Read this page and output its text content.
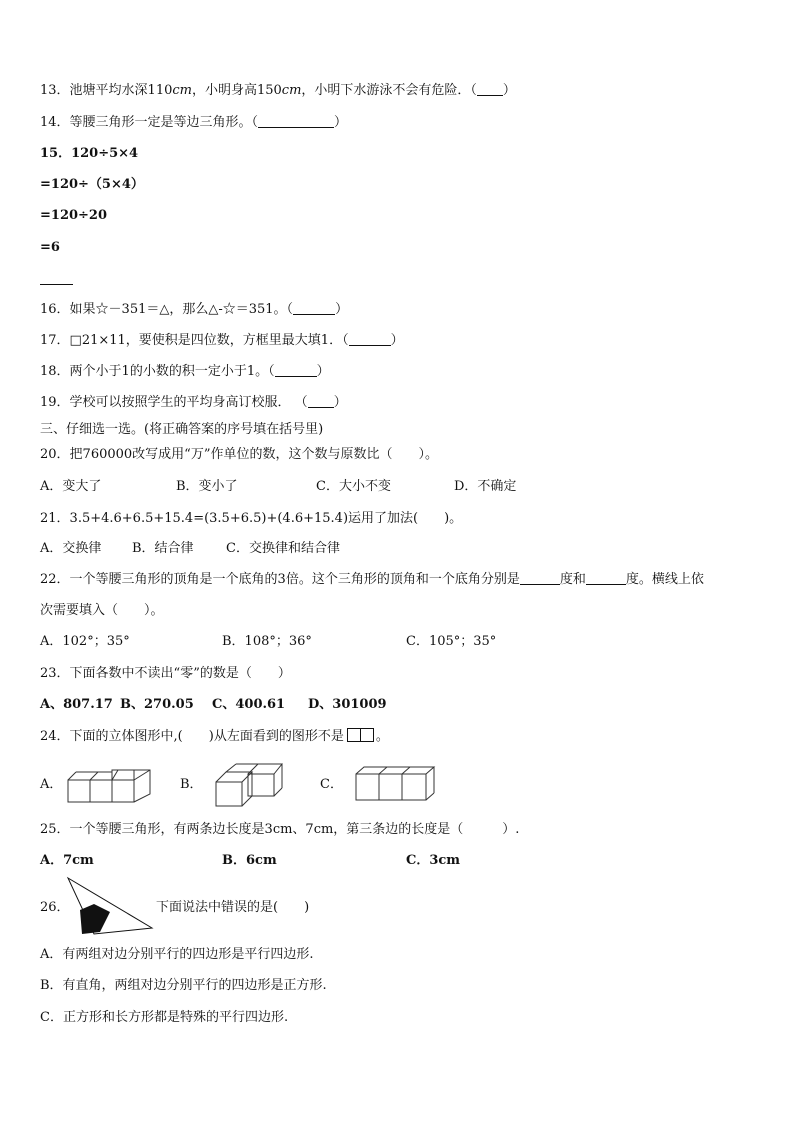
13．池塘平均水深110cm，小明身高150cm，小明下水游泳不会有危险．（ ）
14．等腰三角形一定是等边三角形。（	）
15．120÷5×4
=120÷（5×4）
=120÷20
=6
16．如果☆－351＝△，那么△-☆＝351。（	）
17．□21×11，要使积是四位数，方框里最大填1．（	）
18．两个小于1的小数的积一定小于1。（	）
19．学校可以按照学生的平均身高订校服． （ ）
三、仔细选一选。(将正确答案的序号填在括号里)
20．把760000改写成用“万”作单位的数，这个数与原数比（　　）。
A．变大了	B．变小了	C．大小不变	D．不确定
21．3.5+4.6+6.5+15.4=(3.5+6.5)+(4.6+15.4)运用了加法(　　)。
A．交换律 B．结合律 C．交换律和结合律
22．一个等腰三角形的顶角是一个底角的3倍。这个三角形的顶角和一个底角分别是	度和	度。横线上依
次需要填入（　　）。
A．102°；35°	B．108°；36°	C．105°；35°
23．下面各数中不读出“零”的数是（　　）
A、807.17 B、270.05 C、400.61 D、301009
24．下面的立体图形中,(　　)从左面看到的图形不是 。
A．	B．	C．
25．一个等腰三角形，有两条边长度是3cm、7cm，第三条边的长度是（　　　）.
A．7cm	B．6cm	C．3cm
26．	下面说法中错误的是(　　)
A．有两组对边分别平行的四边形是平行四边形.
B．有直角，两组对边分别平行的四边形是正方形.
C．正方形和长方形都是特殊的平行四边形.
